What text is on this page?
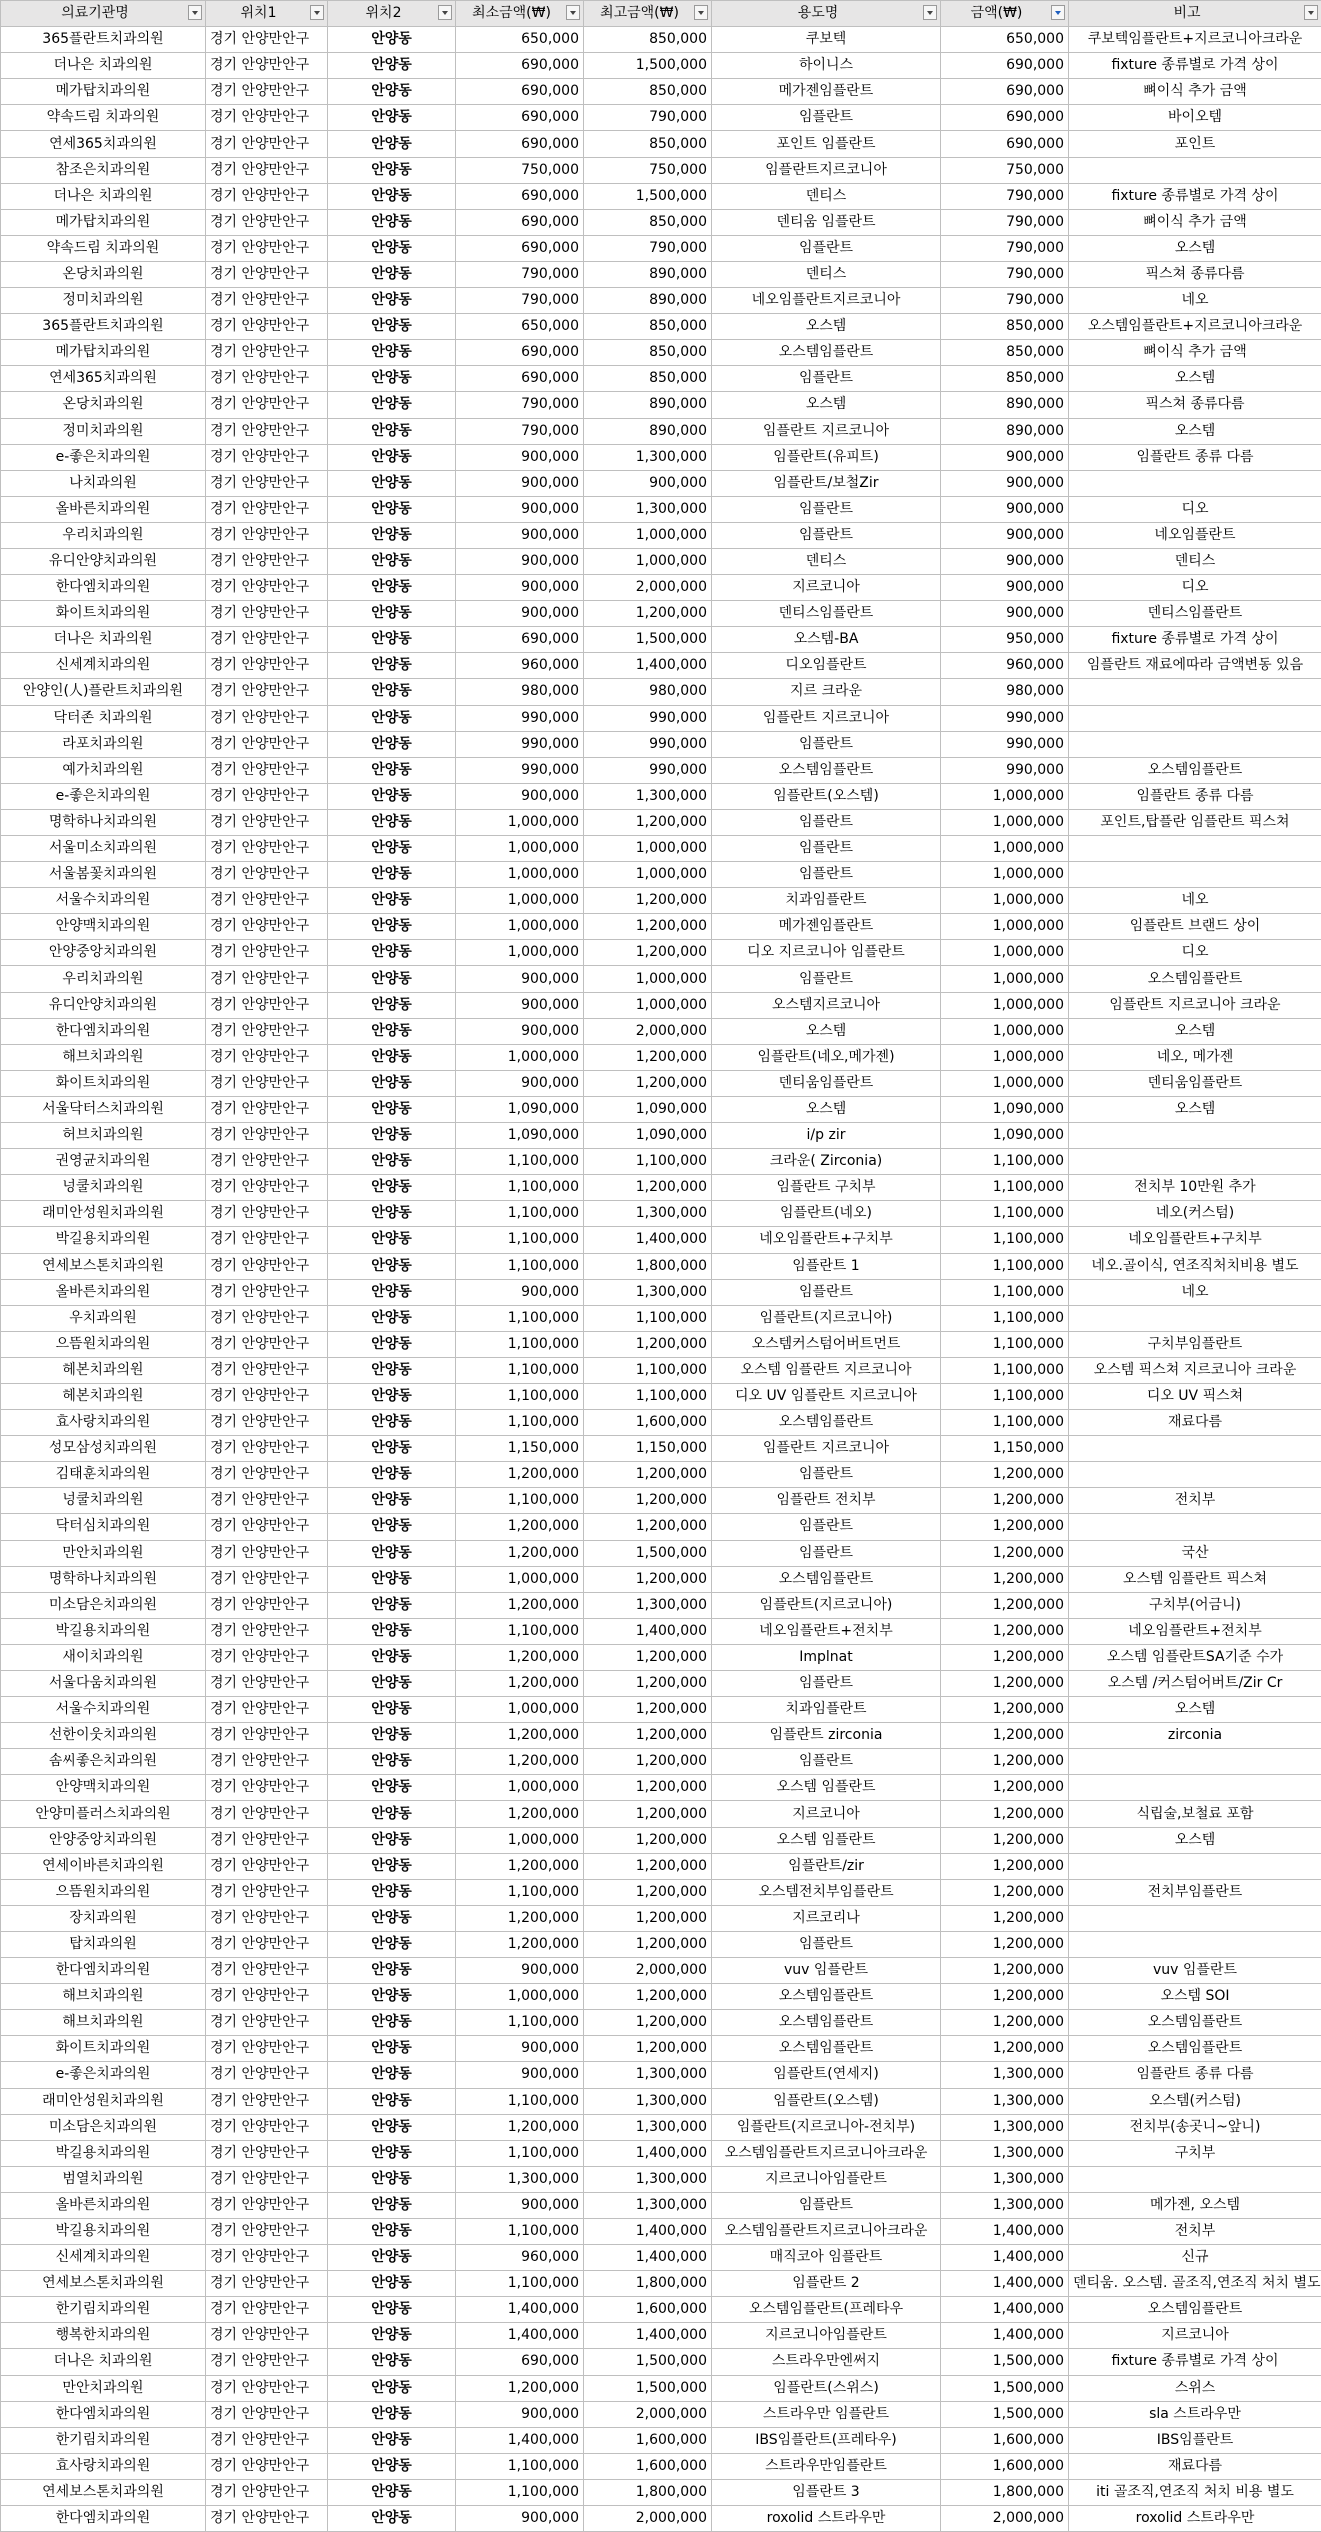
의료기관명	위치1	위치2	최소금액(₩)	최고금액(₩)	용도명	금액(₩)	비고

365플란트치과의원	경기 안양만안구	안양동	650,000	850,000	쿠보텍	650,000	쿠보텍임플란트+지르코니아크라운
더나은 치과의원	경기 안양만안구	안양동	690,000	1,500,000	하이니스	690,000	fixture 종류별로 가격 상이
메가탑치과의원	경기 안양만안구	안양동	690,000	850,000	메가젠임플란트	690,000	뼈이식 추가 금액
약속드림 치과의원	경기 안양만안구	안양동	690,000	790,000	임플란트	690,000	바이오템
연세365치과의원	경기 안양만안구	안양동	690,000	850,000	포인트 임플란트	690,000	포인트
참조은치과의원	경기 안양만안구	안양동	750,000	750,000	임플란트지르코니아	750,000	
더나은 치과의원	경기 안양만안구	안양동	690,000	1,500,000	덴티스	790,000	fixture 종류별로 가격 상이
메가탑치과의원	경기 안양만안구	안양동	690,000	850,000	덴티움 임플란트	790,000	뼈이식 추가 금액
약속드림 치과의원	경기 안양만안구	안양동	690,000	790,000	임플란트	790,000	오스템
온당치과의원	경기 안양만안구	안양동	790,000	890,000	덴티스	790,000	픽스쳐 종류다름
정미치과의원	경기 안양만안구	안양동	790,000	890,000	네오임플란트지르코니아	790,000	네오
365플란트치과의원	경기 안양만안구	안양동	650,000	850,000	오스템	850,000	오스템임플란트+지르코니아크라운
메가탑치과의원	경기 안양만안구	안양동	690,000	850,000	오스템임플란트	850,000	뼈이식 추가 금액
연세365치과의원	경기 안양만안구	안양동	690,000	850,000	임플란트	850,000	오스템
온당치과의원	경기 안양만안구	안양동	790,000	890,000	오스템	890,000	픽스쳐 종류다름
정미치과의원	경기 안양만안구	안양동	790,000	890,000	임플란트 지르코니아	890,000	오스템
e-좋은치과의원	경기 안양만안구	안양동	900,000	1,300,000	임플란트(유피트)	900,000	임플란트 종류 다름
나치과의원	경기 안양만안구	안양동	900,000	900,000	임플란트/보철Zir	900,000	
올바른치과의원	경기 안양만안구	안양동	900,000	1,300,000	임플란트	900,000	디오
우리치과의원	경기 안양만안구	안양동	900,000	1,000,000	임플란트	900,000	네오임플란트
유디안양치과의원	경기 안양만안구	안양동	900,000	1,000,000	덴티스	900,000	덴티스
한다엠치과의원	경기 안양만안구	안양동	900,000	2,000,000	지르코니아	900,000	디오
화이트치과의원	경기 안양만안구	안양동	900,000	1,200,000	덴티스임플란트	900,000	덴티스임플란트
더나은 치과의원	경기 안양만안구	안양동	690,000	1,500,000	오스템-BA	950,000	fixture 종류별로 가격 상이
신세계치과의원	경기 안양만안구	안양동	960,000	1,400,000	디오임플란트	960,000	임플란트 재료에따라 금액변동 있음
안양인(人)플란트치과의원	경기 안양만안구	안양동	980,000	980,000	지르 크라운	980,000	
닥터존 치과의원	경기 안양만안구	안양동	990,000	990,000	임플란트 지르코니아	990,000	
라포치과의원	경기 안양만안구	안양동	990,000	990,000	임플란트	990,000	
예가치과의원	경기 안양만안구	안양동	990,000	990,000	오스템임플란트	990,000	오스템임플란트
e-좋은치과의원	경기 안양만안구	안양동	900,000	1,300,000	임플란트(오스템)	1,000,000	임플란트 종류 다름
명학하나치과의원	경기 안양만안구	안양동	1,000,000	1,200,000	임플란트	1,000,000	포인트,탑플란 임플란트 픽스쳐
서울미소치과의원	경기 안양만안구	안양동	1,000,000	1,000,000	임플란트	1,000,000	
서울봄꽃치과의원	경기 안양만안구	안양동	1,000,000	1,000,000	임플란트	1,000,000	
서울수치과의원	경기 안양만안구	안양동	1,000,000	1,200,000	치과임플란트	1,000,000	네오
안양맥치과의원	경기 안양만안구	안양동	1,000,000	1,200,000	메가젠임플란트	1,000,000	임플란트 브랜드 상이
안양중앙치과의원	경기 안양만안구	안양동	1,000,000	1,200,000	디오 지르코니아 임플란트	1,000,000	디오
우리치과의원	경기 안양만안구	안양동	900,000	1,000,000	임플란트	1,000,000	오스템임플란트
유디안양치과의원	경기 안양만안구	안양동	900,000	1,000,000	오스템지르코니아	1,000,000	임플란트 지르코니아 크라운
한다엠치과의원	경기 안양만안구	안양동	900,000	2,000,000	오스템	1,000,000	오스템
해브치과의원	경기 안양만안구	안양동	1,000,000	1,200,000	임플란트(네오,메가젠)	1,000,000	네오, 메가젠
화이트치과의원	경기 안양만안구	안양동	900,000	1,200,000	덴티움임플란트	1,000,000	덴티움임플란트
서울닥터스치과의원	경기 안양만안구	안양동	1,090,000	1,090,000	오스템	1,090,000	오스템
허브치과의원	경기 안양만안구	안양동	1,090,000	1,090,000	i/p zir	1,090,000	
권영균치과의원	경기 안양만안구	안양동	1,100,000	1,100,000	크라운( Zirconia)	1,100,000	
넝쿨치과의원	경기 안양만안구	안양동	1,100,000	1,200,000	임플란트 구치부	1,100,000	전치부 10만원 추가
래미안성원치과의원	경기 안양만안구	안양동	1,100,000	1,300,000	임플란트(네오)	1,100,000	네오(커스텀)
박길용치과의원	경기 안양만안구	안양동	1,100,000	1,400,000	네오임플란트+구치부	1,100,000	네오임플란트+구치부
연세보스톤치과의원	경기 안양만안구	안양동	1,100,000	1,800,000	임플란트 1	1,100,000	네오.골이식, 연조직처치비용 별도
올바른치과의원	경기 안양만안구	안양동	900,000	1,300,000	임플란트	1,100,000	네오
우치과의원	경기 안양만안구	안양동	1,100,000	1,100,000	임플란트(지르코니아)	1,100,000	
으뜸원치과의원	경기 안양만안구	안양동	1,100,000	1,200,000	오스템커스텀어버트먼트	1,100,000	구치부임플란트
헤본치과의원	경기 안양만안구	안양동	1,100,000	1,100,000	오스템 임플란트 지르코니아	1,100,000	오스템 픽스쳐 지르코니아 크라운
헤본치과의원	경기 안양만안구	안양동	1,100,000	1,100,000	디오 UV 임플란트 지르코니아	1,100,000	디오 UV 픽스쳐
효사랑치과의원	경기 안양만안구	안양동	1,100,000	1,600,000	오스템임플란트	1,100,000	재료다름
성모삼성치과의원	경기 안양만안구	안양동	1,150,000	1,150,000	임플란트 지르코니아	1,150,000	
김태훈치과의원	경기 안양만안구	안양동	1,200,000	1,200,000	임플란트	1,200,000	
넝쿨치과의원	경기 안양만안구	안양동	1,100,000	1,200,000	임플란트 전치부	1,200,000	전치부
닥터심치과의원	경기 안양만안구	안양동	1,200,000	1,200,000	임플란트	1,200,000	
만안치과의원	경기 안양만안구	안양동	1,200,000	1,500,000	임플란트	1,200,000	국산
명학하나치과의원	경기 안양만안구	안양동	1,000,000	1,200,000	오스템임플란트	1,200,000	오스템 임플란트 픽스쳐
미소담은치과의원	경기 안양만안구	안양동	1,200,000	1,300,000	임플란트(지르코니아)	1,200,000	구치부(어금니)
박길용치과의원	경기 안양만안구	안양동	1,100,000	1,400,000	네오임플란트+전치부	1,200,000	네오임플란트+전치부
새이치과의원	경기 안양만안구	안양동	1,200,000	1,200,000	Implnat	1,200,000	오스템 임플란트SA기준 수가
서울다움치과의원	경기 안양만안구	안양동	1,200,000	1,200,000	임플란트	1,200,000	오스템 /커스텀어버트/Zir Cr
서울수치과의원	경기 안양만안구	안양동	1,000,000	1,200,000	치과임플란트	1,200,000	오스템
선한이웃치과의원	경기 안양만안구	안양동	1,200,000	1,200,000	임플란트 zirconia	1,200,000	zirconia
솜씨좋은치과의원	경기 안양만안구	안양동	1,200,000	1,200,000	임플란트	1,200,000	
안양맥치과의원	경기 안양만안구	안양동	1,000,000	1,200,000	오스템 임플란트	1,200,000	
안양미플러스치과의원	경기 안양만안구	안양동	1,200,000	1,200,000	지르코니아	1,200,000	식립술,보철료 포함
안양중앙치과의원	경기 안양만안구	안양동	1,000,000	1,200,000	오스템 임플란트	1,200,000	오스템
연세이바른치과의원	경기 안양만안구	안양동	1,200,000	1,200,000	임플란트/zir	1,200,000	
으뜸원치과의원	경기 안양만안구	안양동	1,100,000	1,200,000	오스템전치부임플란트	1,200,000	전치부임플란트
장치과의원	경기 안양만안구	안양동	1,200,000	1,200,000	지르코리나	1,200,000	
탑치과의원	경기 안양만안구	안양동	1,200,000	1,200,000	임플란트	1,200,000	
한다엠치과의원	경기 안양만안구	안양동	900,000	2,000,000	vuv 임플란트	1,200,000	vuv 임플란트
해브치과의원	경기 안양만안구	안양동	1,000,000	1,200,000	오스템임플란트	1,200,000	오스템 SOI
해브치과의원	경기 안양만안구	안양동	1,100,000	1,200,000	오스템임플란트	1,200,000	오스템임플란트
화이트치과의원	경기 안양만안구	안양동	900,000	1,200,000	오스템임플란트	1,200,000	오스템임플란트
e-좋은치과의원	경기 안양만안구	안양동	900,000	1,300,000	임플란트(연세지)	1,300,000	임플란트 종류 다름
래미안성원치과의원	경기 안양만안구	안양동	1,100,000	1,300,000	임플란트(오스템)	1,300,000	오스템(커스텀)
미소담은치과의원	경기 안양만안구	안양동	1,200,000	1,300,000	임플란트(지르코니아-전치부)	1,300,000	전치부(송곳니~앞니)
박길용치과의원	경기 안양만안구	안양동	1,100,000	1,400,000	오스템임플란트지르코니아크라운	1,300,000	구치부
범열치과의원	경기 안양만안구	안양동	1,300,000	1,300,000	지르코니아임플란트	1,300,000	
올바른치과의원	경기 안양만안구	안양동	900,000	1,300,000	임플란트	1,300,000	메가젠, 오스템
박길용치과의원	경기 안양만안구	안양동	1,100,000	1,400,000	오스템임플란트지르코니아크라운	1,400,000	전치부
신세계치과의원	경기 안양만안구	안양동	960,000	1,400,000	매직코아 임플란트	1,400,000	신규
연세보스톤치과의원	경기 안양만안구	안양동	1,100,000	1,800,000	임플란트 2	1,400,000	덴티움. 오스템. 골조직,연조직 처치 별도
한기림치과의원	경기 안양만안구	안양동	1,400,000	1,600,000	오스템임플란트(프레타우	1,400,000	오스템임플란트
행복한치과의원	경기 안양만안구	안양동	1,400,000	1,400,000	지르코니아임플란트	1,400,000	지르코니아
더나은 치과의원	경기 안양만안구	안양동	690,000	1,500,000	스트라우만엔써지	1,500,000	fixture 종류별로 가격 상이
만안치과의원	경기 안양만안구	안양동	1,200,000	1,500,000	임플란트(스위스)	1,500,000	스위스
한다엠치과의원	경기 안양만안구	안양동	900,000	2,000,000	스트라우만 임플란트	1,500,000	sla 스트라우만
한기림치과의원	경기 안양만안구	안양동	1,400,000	1,600,000	IBS임플란트(프레타우)	1,600,000	IBS임플란트
효사랑치과의원	경기 안양만안구	안양동	1,100,000	1,600,000	스트라우만임플란트	1,600,000	재료다름
연세보스톤치과의원	경기 안양만안구	안양동	1,100,000	1,800,000	임플란트 3	1,800,000	iti 골조직,연조직 처치 비용 별도
한다엠치과의원	경기 안양만안구	안양동	900,000	2,000,000	roxolid 스트라우만	2,000,000	roxolid 스트라우만
